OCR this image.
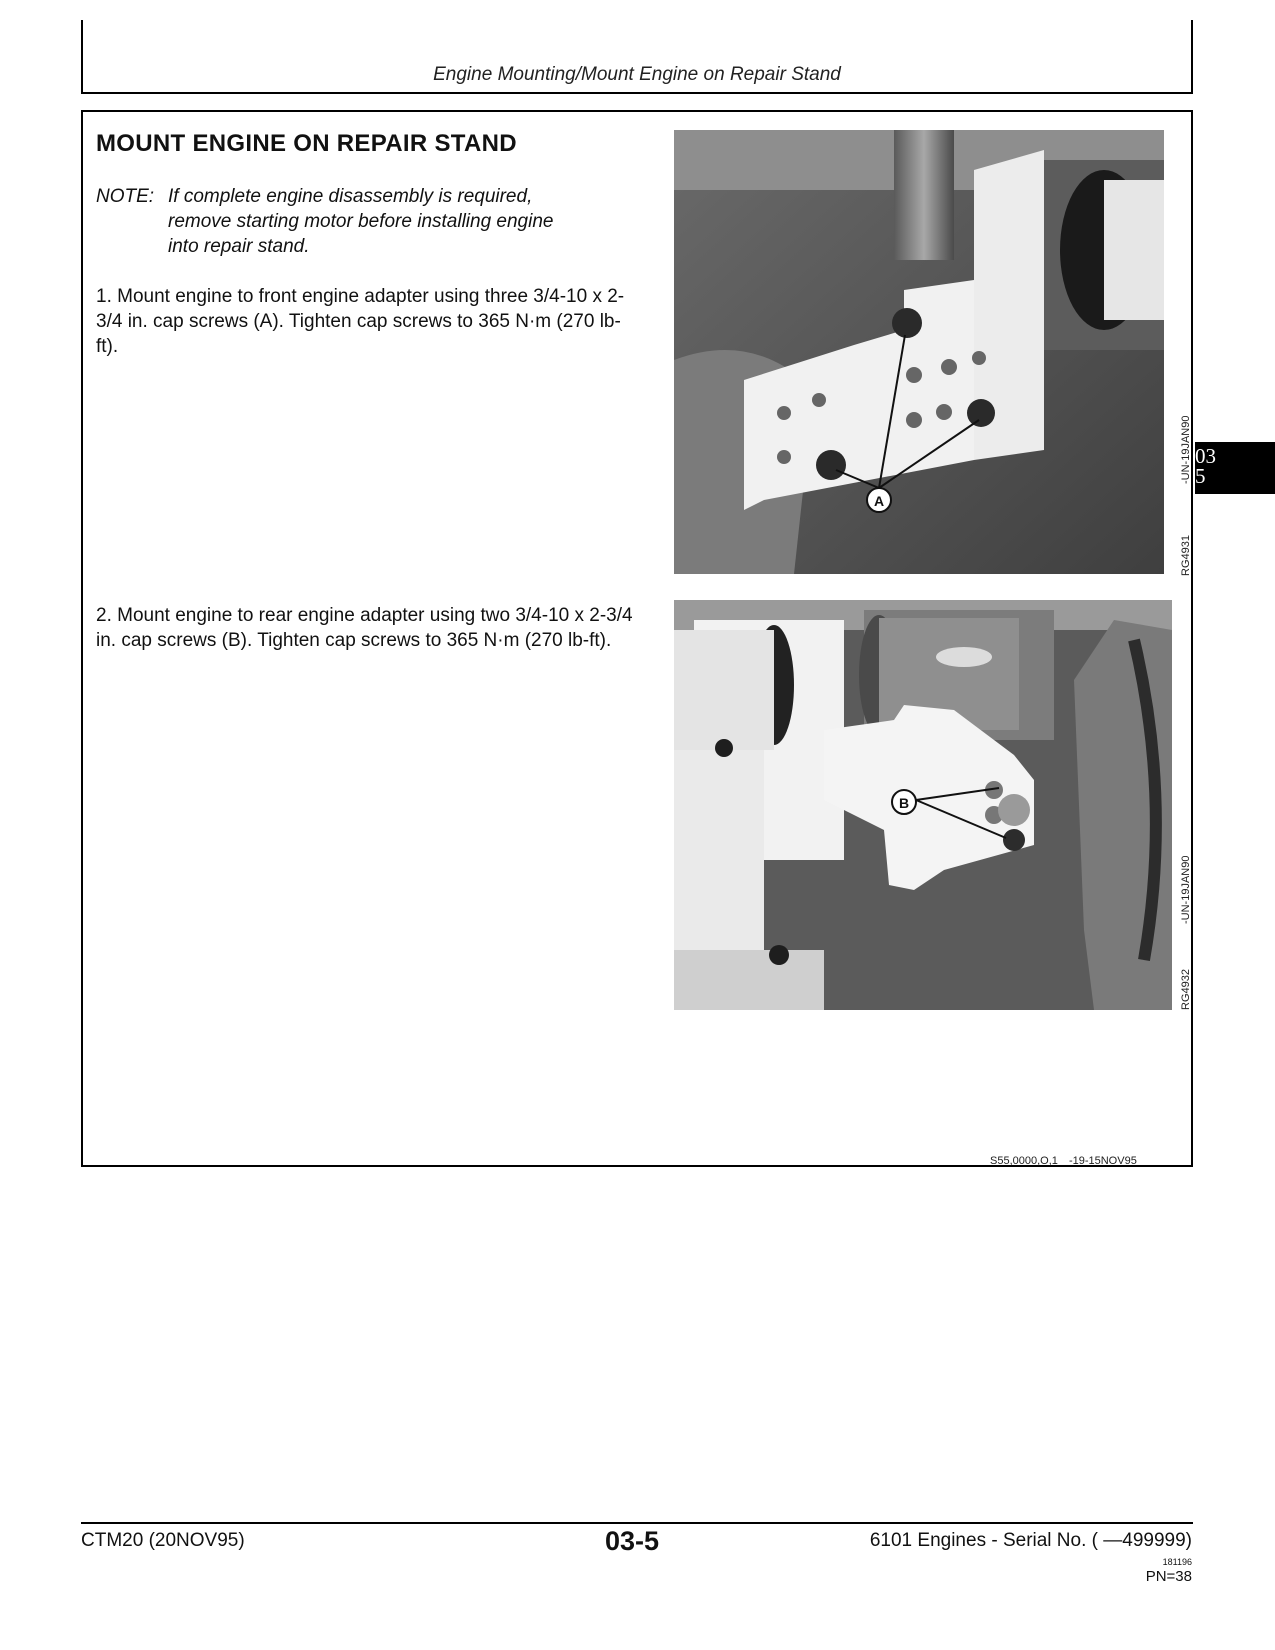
Engine Mounting/Mount Engine on Repair Stand
MOUNT ENGINE ON REPAIR STAND
NOTE: If complete engine disassembly is required,
remove starting motor before installing engine
into repair stand.
1. Mount engine to front engine adapter using three 3/4-10 x 2-3/4 in. cap screws (A). Tighten cap screws to 365 N·m (270 lb-ft).
2. Mount engine to rear engine adapter using two 3/4-10 x 2-3/4 in. cap screws (B). Tighten cap screws to 365 N·m (270 lb-ft).
A
RG4931
-UN-19JAN90
B
RG4932
-UN-19JAN90
03
5
S55,0000,O,1 -19-15NOV95
CTM20 (20NOV95)	03-5	6101 Engines - Serial No. ( —499999)
181196
PN=38
